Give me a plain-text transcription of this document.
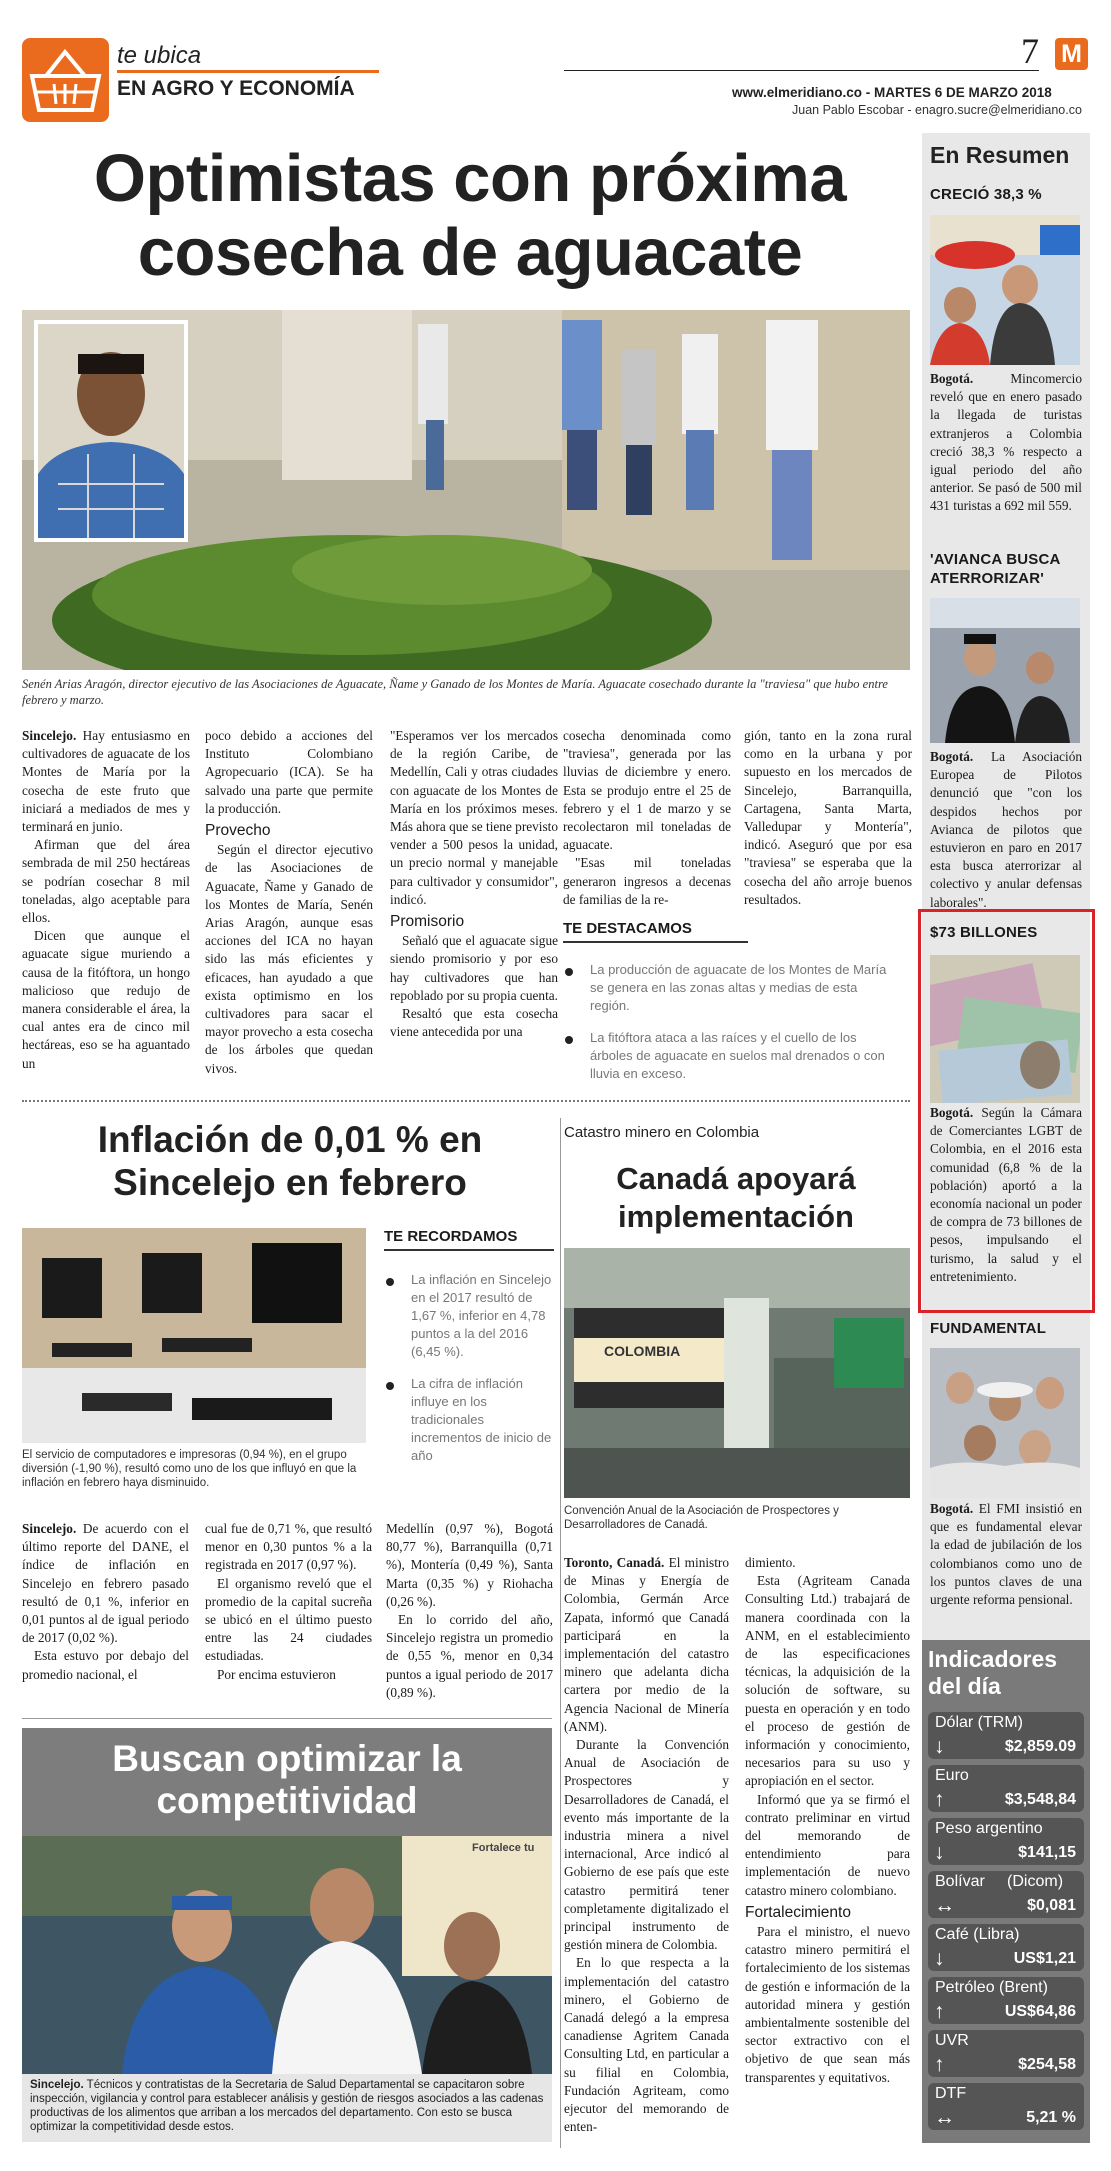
te ubica
EN AGRO Y ECONOMÍA
7 M
www.elmeridiano.co - MARTES 6 DE MARZO 2018
Juan Pablo Escobar - enagro.sucre@elmeridiano.co
Optimistas con próxima cosecha de aguacate
Senén Arias Aragón, director ejecutivo de las Asociaciones de Aguacate, Ñame y Ganado de los Montes de María. Aguacate cosechado durante la "traviesa" que hubo entre febrero y marzo.

Sincelejo. Hay entusiasmo en cultivadores de aguacate de los Montes de María por la cosecha de este fruto que iniciará a mediados de mes y terminará en junio.

Afirman que del área sembrada de mil 250 hectáreas se podrían cosechar 8 mil toneladas, algo aceptable para ellos.

Dicen que aunque el aguacate sigue muriendo a causa de la fitóftora, un hongo malicioso que redujo de manera considerable el área, la cual antes era de cinco mil hectáreas, eso se ha aguantado un

poco debido a acciones del Instituto Colombiano Agropecuario (ICA). Se ha salvado una parte que permite la producción.

Provecho

Según el director ejecutivo de las Asociaciones de Aguacate, Ñame y Ganado de los Montes de María, Senén Arias Aragón, aunque esas acciones del ICA no hayan sido las más eficientes y eficaces, han ayudado a que exista optimismo en los cultivadores para sacar el mayor provecho a esta cosecha de los árboles que quedan vivos.

"Esperamos ver los mercados de la región Caribe, de Medellín, Cali y otras ciudades con aguacate de los Montes de María en los próximos meses. Más ahora que se tiene previsto vender a 500 pesos la unidad, un precio normal y manejable para cultivador y consumidor", indicó.

Promisorio

Señaló que el aguacate sigue siendo promisorio y por eso hay cultivadores que han repoblado por su propia cuenta.

Resaltó que esta cosecha viene antecedida por una

cosecha denominada como "traviesa", generada por las lluvias de diciembre y enero. Esta se produjo entre el 25 de febrero y el 1 de marzo y se recolectaron mil toneladas de aguacate.

"Esas mil toneladas generaron ingresos a decenas de familias de la re-

gión, tanto en la zona rural como en la urbana y por supuesto en los mercados de Sincelejo, Barranquilla, Cartagena, Santa Marta, Valledupar y Montería", indicó. Aseguró que por esa "traviesa" se esperaba que la cosecha del año arroje buenos resultados.

TE DESTACAMOS
La producción de aguacate de los Montes de María se genera en las zonas altas y medias de esta región.
La fitóftora ataca a las raíces y el cuello de los árboles de aguacate en suelos mal drenados o con lluvia en exceso.
Inflación de 0,01 % en Sincelejo en febrero
El servicio de computadores e impresoras (0,94 %), en el grupo diversión (-1,90 %), resultó como uno de los que influyó en que la inflación en febrero haya disminuido.
TE RECORDAMOS
La inflación en Sincelejo en el 2017 resultó de 1,67 %, inferior en 4,78 puntos a la del 2016 (6,45 %).
La cifra de inflación influye en los tradicionales incrementos de inicio de año

Sincelejo. De acuerdo con el último reporte del DANE, el índice de inflación en Sincelejo en febrero pasado resultó de 0,1 %, inferior en 0,01 puntos al de igual periodo de 2017 (0,02 %).

Esta estuvo por debajo del promedio nacional, el

cual fue de 0,71 %, que resultó menor en 0,30 puntos % a la registrada en 2017 (0,97 %).

El organismo reveló que el promedio de la capital sucreña se ubicó en el último puesto entre las 24 ciudades estudiadas.

Por encima estuvieron

Medellín (0,97 %), Bogotá 80,77 %), Barranquilla (0,71 %), Montería (0,49 %), Santa Marta (0,35 %) y Riohacha (0,26 %).

En lo corrido del año, Sincelejo registra un promedio de 0,55 %, menor en 0,34 puntos a igual periodo de 2017 (0,89 %).

Buscan optimizar la competitividad
Fortalece tu
Sincelejo. Técnicos y contratistas de la Secretaria de Salud Departamental se capacitaron sobre inspección, vigilancia y control para establecer análisis y gestión de riesgos asociados a las cadenas productivas de los alimentos que arriban a los mercados del departamento. Con esto se busca optimizar la competitividad desde estos.
Catastro minero en Colombia
Canadá apoyará implementación
COLOMBIA
Convención Anual de la Asociación de Prospectores y Desarrolladores de Canadá.

Toronto, Canadá. El ministro de Minas y Energía de Colombia, Germán Arce Zapata, informó que Canadá participará en la implementación del catastro minero que adelanta dicha cartera por medio de la Agencia Nacional de Minería (ANM).

Durante la Convención Anual de Asociación de Prospectores y Desarrolladores de Canadá, el evento más importante de la industria minera a nivel internacional, Arce indicó al Gobierno de ese país que este catastro permitirá tener completamente digitalizado el principal instrumento de gestión minera de Colombia.

En lo que respecta a la implementación del catastro minero, el Gobierno de Canadá delegó a la empresa canadiense Agritem Canada Consulting Ltd, en particular a su filial en Colombia, Fundación Agriteam, como ejecutor del memorando de enten-

dimiento.

Esta (Agriteam Canada Consulting Ltd.) trabajará de manera coordinada con la ANM, en el establecimiento de las especificaciones técnicas, la adquisición de la solución de software, su puesta en operación y en todo el proceso de gestión de información y conocimiento, necesarios para su uso y apropiación en el sector.

Informó que ya se firmó el contrato preliminar en virtud del memorando de entendimiento para implementación de nuevo catastro minero colombiano.

Fortalecimiento

Para el ministro, el nuevo catastro minero permitirá el fortalecimiento de los sistemas de gestión e información de la autoridad minera y gestión ambientalmente sostenible del sector extractivo con el objetivo de que sean más transparentes y equitativos.

En Resumen
CRECIÓ 38,3 %
Bogotá. Mincomercio reveló que en enero pasado la llegada de turistas extranjeros a Colombia creció 38,3 % respecto a igual periodo del año anterior. Se pasó de 500 mil 431 turistas a 692 mil 559.
'AVIANCA BUSCA ATERRORIZAR'
Bogotá. La Asociación Europea de Pilotos denunció que "con los despidos hechos por Avianca de pilotos que estuvieron en paro en 2017 esta busca aterrorizar al colectivo y anular defensas laborales".
$73 BILLONES
Bogotá. Según la Cámara de Comerciantes LGBT de Colombia, en el 2016 esta comunidad (6,8 % de la población) aportó a la economía nacional un poder de compra de 73 billones de pesos, impulsando el turismo, la salud y el entretenimiento.
FUNDAMENTAL
Bogotá. El FMI insistió en que es fundamental elevar la edad de jubilación de los colombianos como uno de los puntos claves de una urgente reforma pensional.
Indicadores del día
Dólar (TRM)
↓	$2,859.09
Euro
↑	$3,548,84
Peso argentino
↓	$141,15
Bolívar     (Dicom)
↔	$0,081
Café (Libra)
↓	US$1,21
Petróleo (Brent)
↑	US$64,86
UVR
↑	$254,58
DTF
↔	5,21 %
